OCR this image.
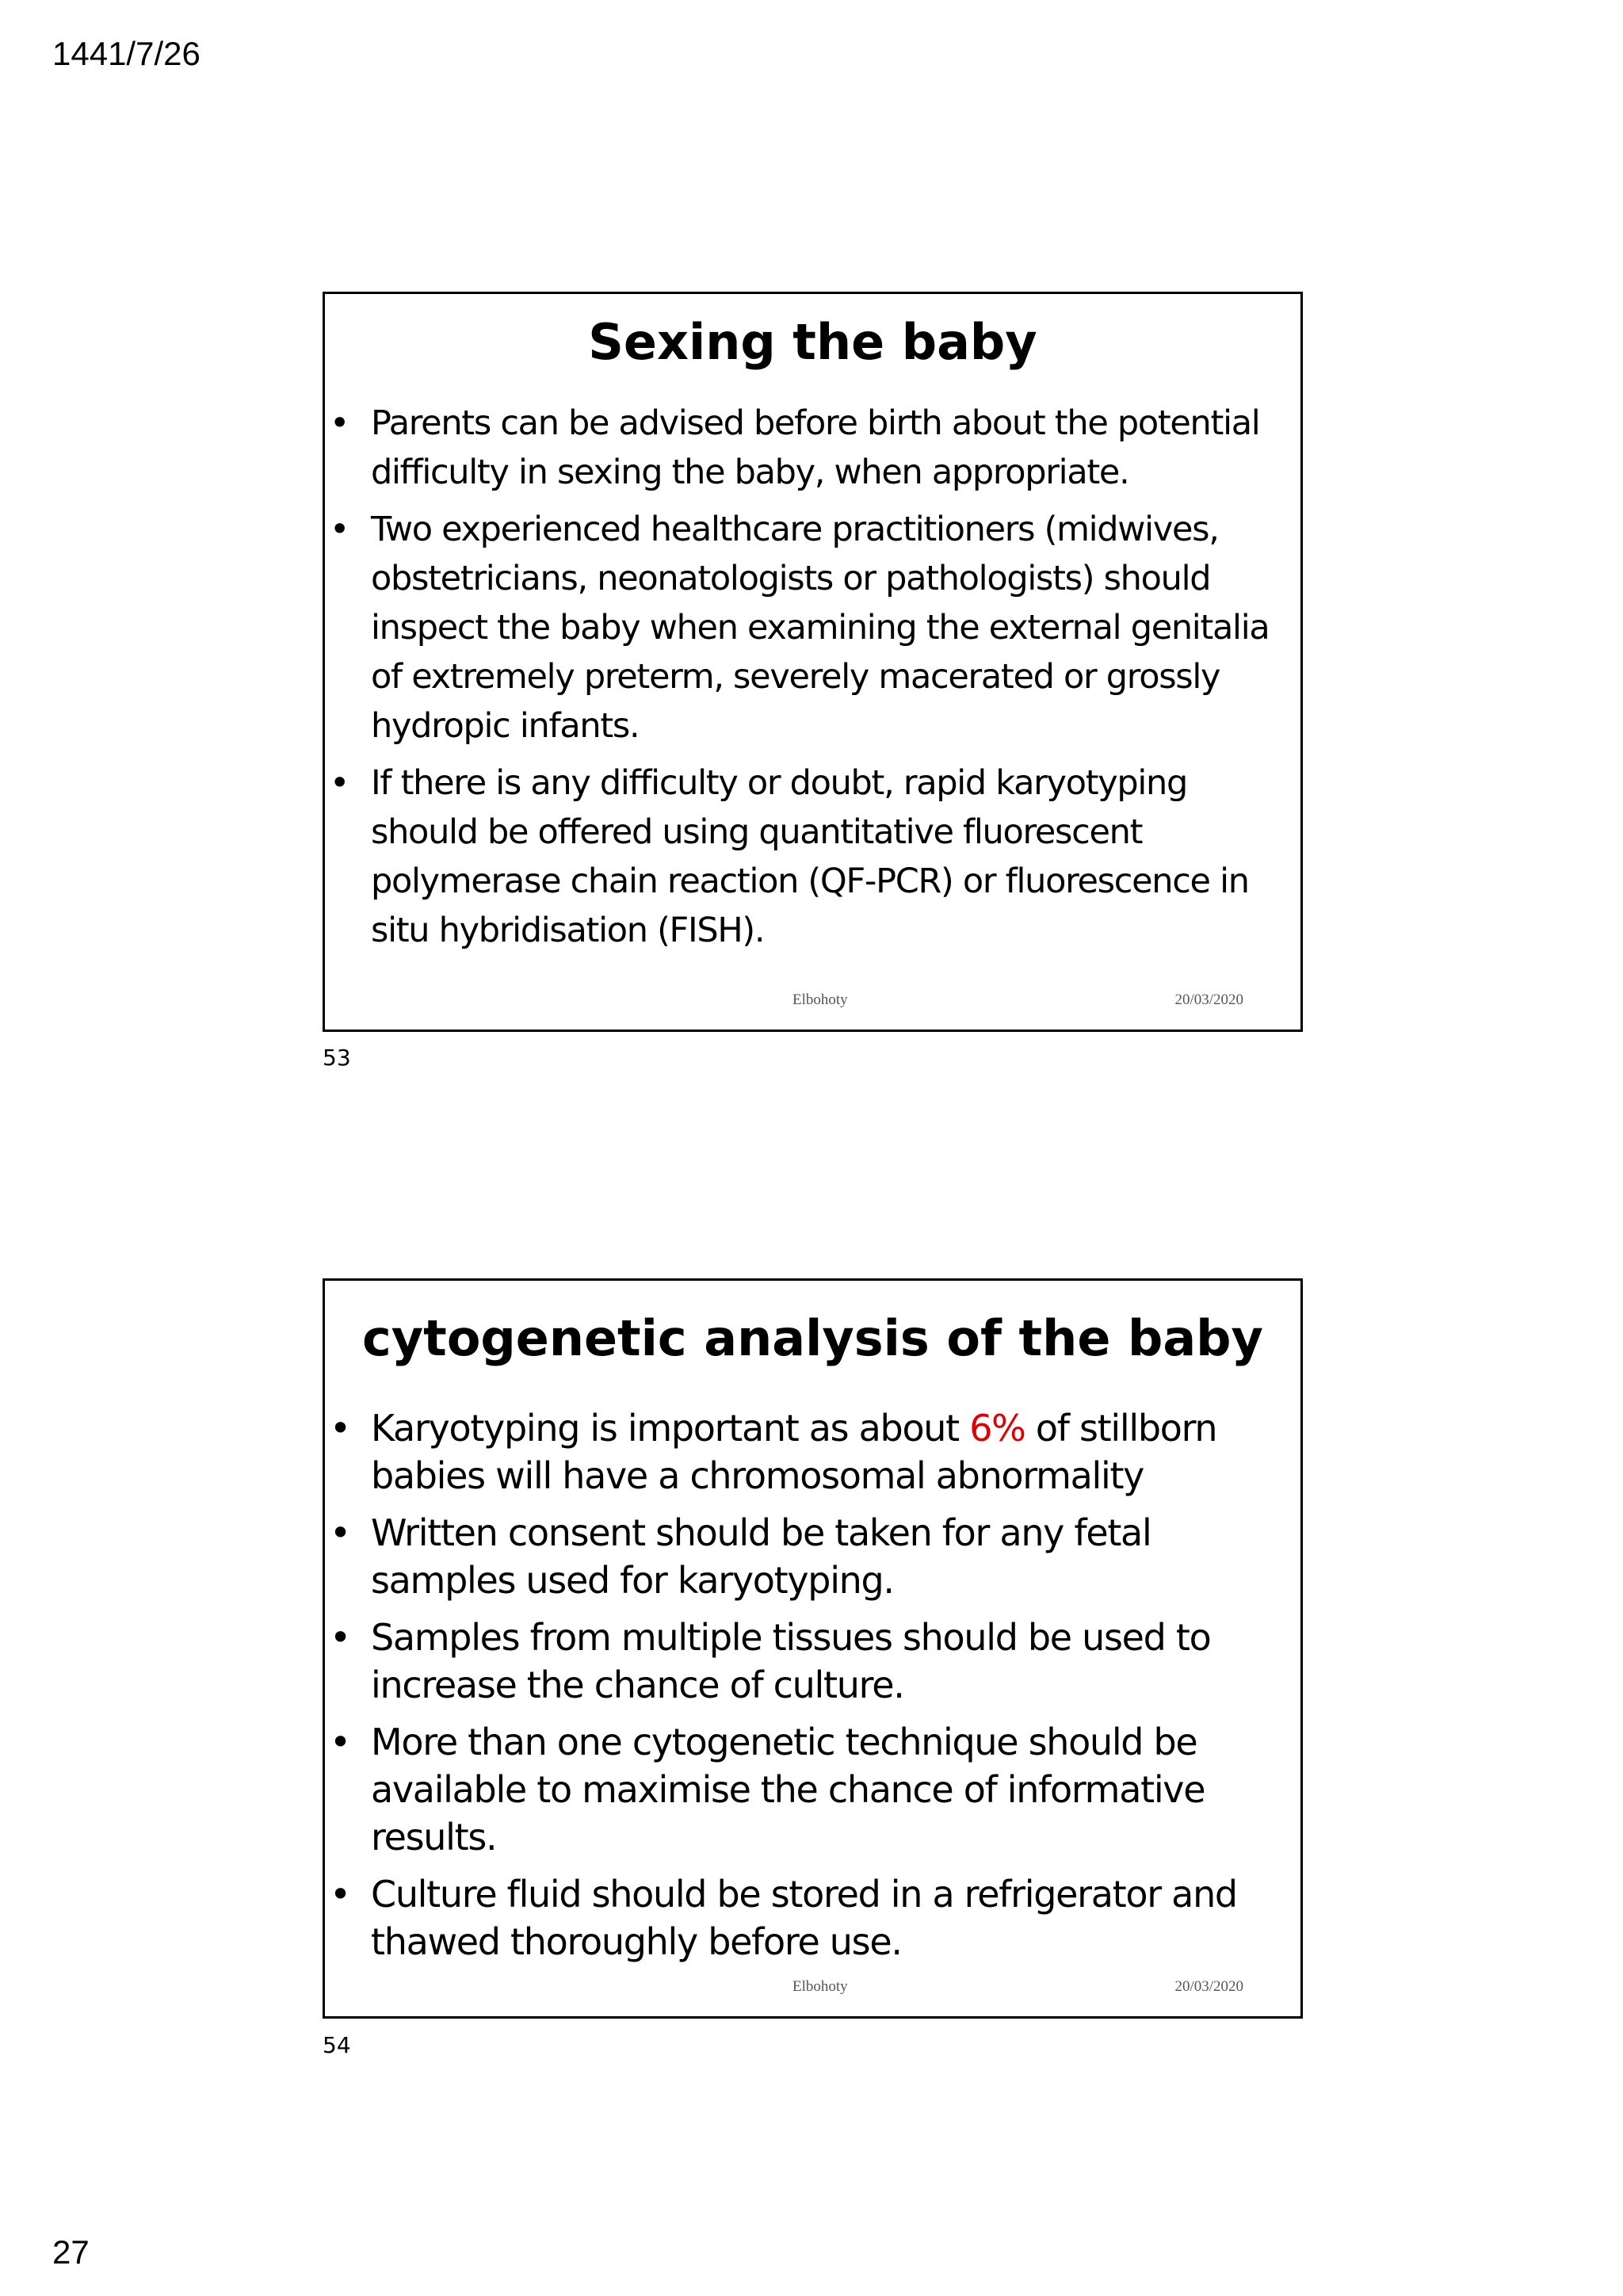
1441/7/26
Sexing the baby
• Parents can be advised before birth about the potential difficulty in sexing the baby, when appropriate.
• Two experienced healthcare practitioners (midwives, obstetricians, neonatologists or pathologists) should inspect the baby when examining the external genitalia of extremely preterm, severely macerated or grossly hydropic infants.
• If there is any difficulty or doubt, rapid karyotyping should be offered using quantitative fluorescent polymerase chain reaction (QF-PCR) or fluorescence in situ hybridisation (FISH).
Elbohoty	20/03/2020
53
cytogenetic analysis of the baby
• Karyotyping is important as about 6% of stillborn babies will have a chromosomal abnormality
• Written consent should be taken for any fetal samples used for karyotyping.
• Samples from multiple tissues should be used to increase the chance of culture.
• More than one cytogenetic technique should be available to maximise the chance of informative results.
• Culture fluid should be stored in a refrigerator and thawed thoroughly before use.
Elbohoty	20/03/2020
54
27
